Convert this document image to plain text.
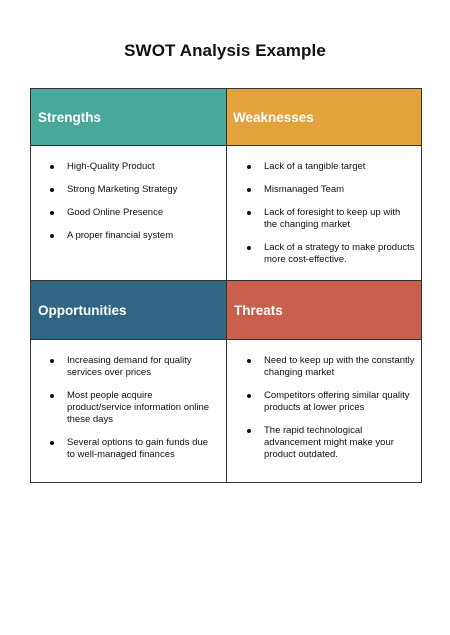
SWOT Analysis Example
Strengths	Weaknesses
Opportunities	Threats
High-Quality Product
Strong Marketing Strategy
Good Online Presence
A proper financial system
Lack of a tangible target
Mismanaged Team
Lack of foresight to keep up with the changing market
Lack of a strategy to make products more cost-effective.
Increasing demand for quality services over prices
Most people acquire product/service information online these days
Several options to gain funds due to well-managed finances
Need to keep up with the constantly changing market
Competitors offering similar quality products at lower prices
The rapid technological advancement might make your product outdated.
